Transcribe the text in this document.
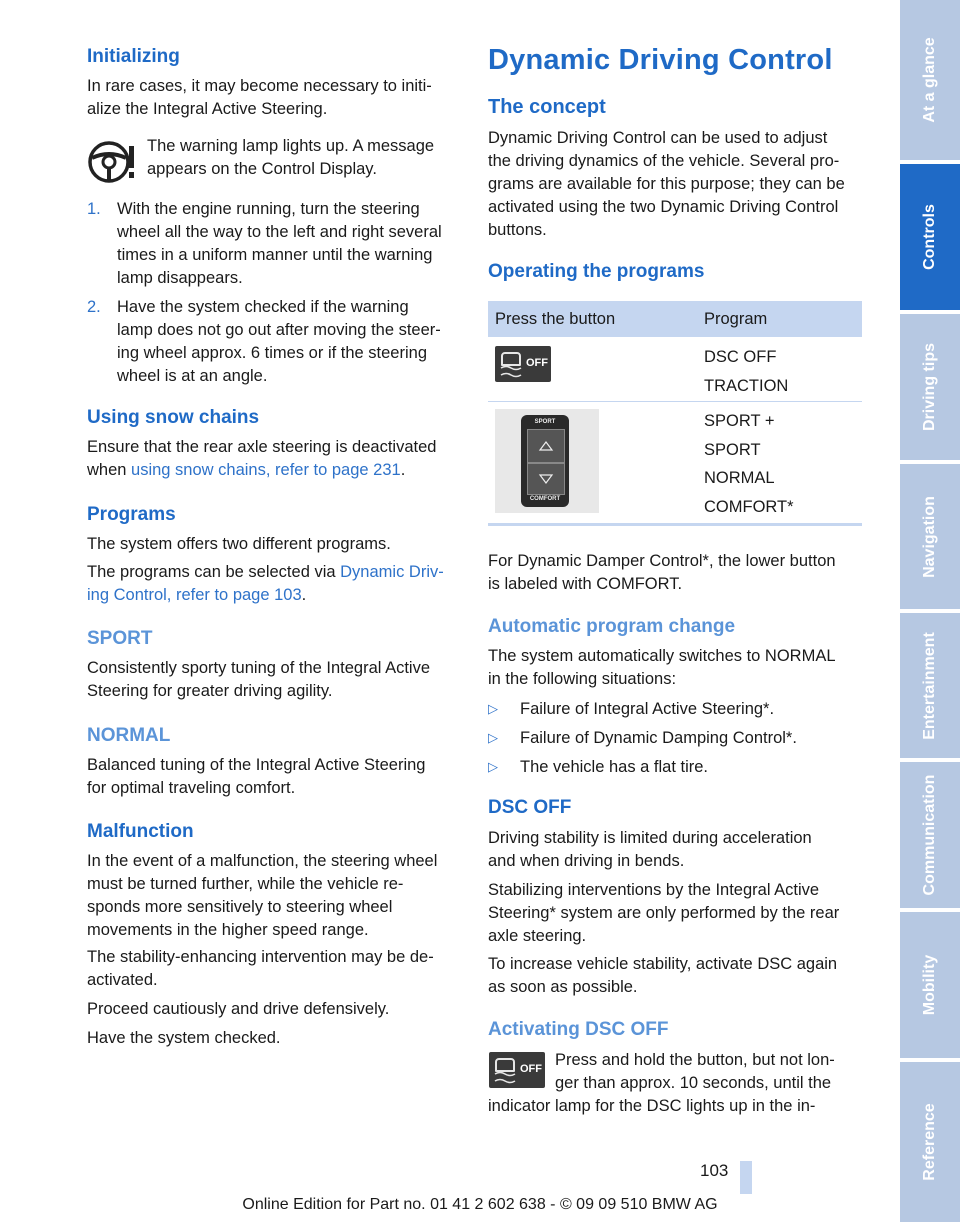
Initializing

In rare cases, it may become necessary to initi-

alize the Integral Active Steering.

The warning lamp lights up. A message

appears on the Control Display.

1. With the engine running, turn the steering

wheel all the way to the left and right several

times in a uniform manner until the warning

lamp disappears.

2. Have the system checked if the warning

lamp does not go out after moving the steer-

ing wheel approx. 6 times or if the steering

wheel is at an angle.

Using snow chains

Ensure that the rear axle steering is deactivated

when using snow chains, refer to page 231.

Programs

The system offers two different programs.

The programs can be selected via Dynamic Driv-

ing Control, refer to page 103.

SPORT

Consistently sporty tuning of the Integral Active

Steering for greater driving agility.

NORMAL

Balanced tuning of the Integral Active Steering

for optimal traveling comfort.

Malfunction

In the event of a malfunction, the steering wheel

must be turned further, while the vehicle re-

sponds more sensitively to steering wheel

movements in the higher speed range.

The stability-enhancing intervention may be de-

activated.

Proceed cautiously and drive defensively.

Have the system checked.

Dynamic Driving Control
The concept

Dynamic Driving Control can be used to adjust

the driving dynamics of the vehicle. Several pro-

grams are available for this purpose; they can be

activated using the two Dynamic Driving Control

buttons.

Operating the programs
Press the button	Program
OFF	DSC OFF
TRACTION
SPORT
COMFORT
SPORT +
SPORT
NORMAL
COMFORT*

For Dynamic Damper Control*, the lower button

is labeled with COMFORT.

Automatic program change

The system automatically switches to NORMAL

in the following situations:

▷ Failure of Integral Active Steering*.

▷ Failure of Dynamic Damping Control*.

▷ The vehicle has a flat tire.

DSC OFF

Driving stability is limited during acceleration

and when driving in bends.

Stabilizing interventions by the Integral Active

Steering* system are only performed by the rear

axle steering.

To increase vehicle stability, activate DSC again

as soon as possible.

Activating DSC OFF
OFF Press and hold the button, but not lon-

ger than approx. 10 seconds, until the

indicator lamp for the DSC lights up in the in-

At a glance
Controls
Driving tips
Navigation
Entertainment
Communication
Mobility
Reference
103
Online Edition for Part no. 01 41 2 602 638 - © 09 09 510 BMW AG
